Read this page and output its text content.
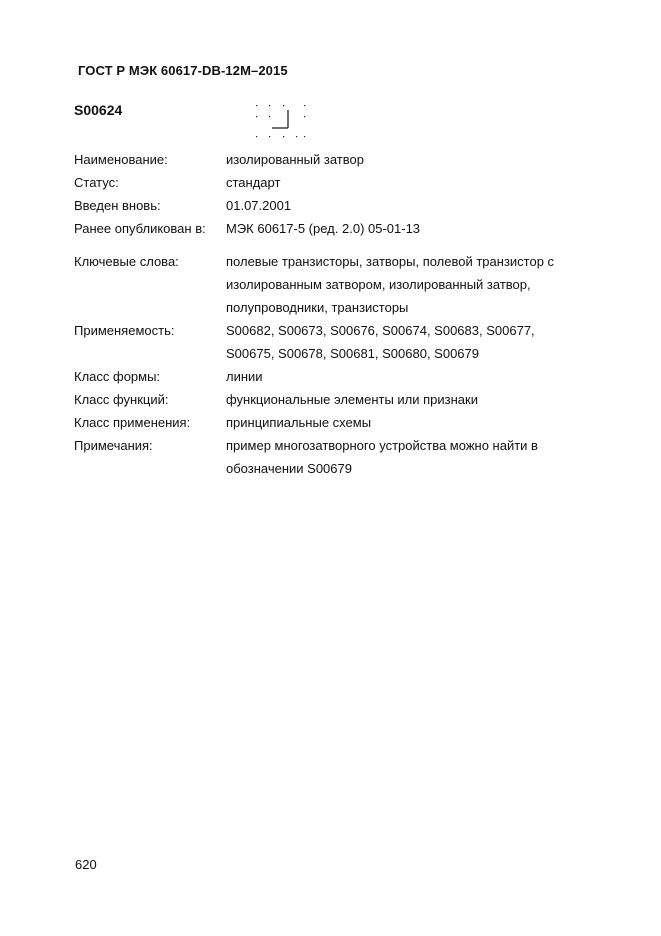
ГОСТ Р МЭК 60617-DB-12M–2015
S00624
Наименование:	изолированный затвор
Статус:	стандарт
Введен вновь:	01.07.2001
Ранее опубликован в:	МЭК 60617-5 (ред. 2.0) 05-01-13
Ключевые слова:	полевые транзисторы, затворы, полевой транзистор с
изолированным затвором, изолированный затвор,
полупроводники, транзисторы
Применяемость:	S00682, S00673, S00676, S00674, S00683, S00677,
S00675, S00678, S00681, S00680, S00679
Класс формы:	линии
Класс функций:	функциональные элементы или признаки
Класс применения:	принципиальные схемы
Примечания:	пример многозатворного устройства можно найти в
обозначении S00679
620
